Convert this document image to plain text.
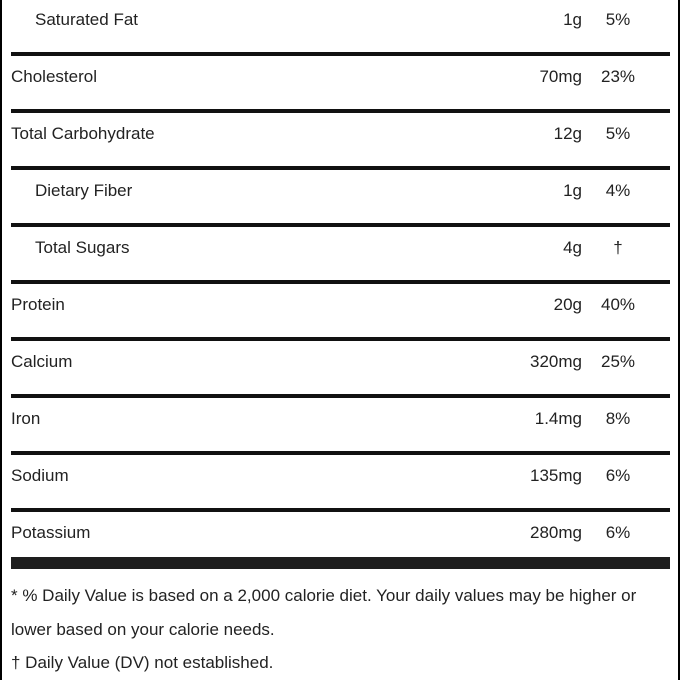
Saturated Fat	1g	5%
Cholesterol	70mg	23%
Total Carbohydrate	12g	5%
Dietary Fiber	1g	4%
Total Sugars	4g	†
Protein	20g	40%
Calcium	320mg	25%
Iron	1.4mg	8%
Sodium	135mg	6%
Potassium	280mg	6%

* % Daily Value is based on a 2,000 calorie diet. Your daily values may be higher or lower based on your calorie needs.

† Daily Value (DV) not established.
